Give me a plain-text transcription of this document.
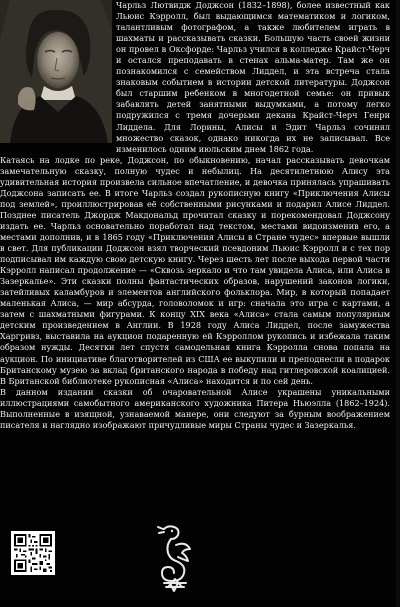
Чарльз Лютвидж Доджсон (1832–1898), более известный как Льюис Кэрролл, был выдающимся математиком и логиком, талантливым фотографом, а также любителем играть в шахматы и рассказывать сказки. Большую часть своей жизни он провел в Оксфорде: Чарльз учился в колледже Крайст-Черч и остался преподавать в стенах альма-матер. Там же он познакомился с семейством Лиддел, и эта встреча стала знаковым событием в истории детской литературы. Доджсон был старшим ребенком в многодетной семье: он привык забавлять детей занятными выдумками, а потому легко подружился с тремя дочерьми декана Крайст-Черч Генри Лиддела. Для Лорины, Алисы и Эдит Чарльз сочинял множество сказок, однако никогда их не записывал. Все изменилось одним июльским днем 1862 года.

Катаясь на лодке по реке, Доджсон, по обыкновению, начал рассказывать девочкам замечательную сказку, полную чудес и небылиц. На десятилетнюю Алису эта удивительная история произвела сильное впечатление, и девочка принялась упрашивать Доджсона записать ее. В итоге Чарльз создал рукописную книгу «Приключения Алисы под землей», проиллюстрировав её собственными рисунками и подарил Алисе Лиддел. Позднее писатель Джордж Макдональд прочитал сказку и порекомендовал Доджсону издать ее. Чарльз основательно поработал над текстом, местами видоизменив его, а местами дополнив, и в 1865 году «Приключения Алисы в Стране чудес» впервые вышли в свет. Для публикации Доджсон взял творческий псевдоним Льюис Кэрролл и с тех пор подписывал им каждую свою детскую книгу. Через шесть лет после выхода первой части Кэрролл написал продолжение — «Сквозь зеркало и что там увидела Алиса, или Алиса в Зазеркалье». Эти сказки полны фантастических образов, нарушений законов логики, затейливых каламбуров и элементов английского фольклора. Мир, в который попадает маленькая Алиса, — мир абсурда, головоломок и игр: сначала это игра с картами, а затем с шахматными фигурами. К концу XIX века «Алиса» стала самым популярным детским произведением в Англии. В 1928 году Алиса Лиддел, после замужества Харгривз, выставила на аукцион подаренную ей Кэрроллом рукопись и избежала таким образом нужды. Десятки лет спустя самодельная книга Кэрролла снова попала на аукцион. По инициативе благотворителей из США ее выкупили и преподнесли в подарок Британскому музею за вклад британского народа в победу над гитлеровской коалицией. В Британской библиотеке рукописная «Алиса» находится и по сей день.

В данном издании сказки об очаровательной Алисе украшены уникальными иллюстрациями самобытного американского художника Питера Ньюэлла (1862–1924). Выполненные в изящной, узнаваемой манере, они следуют за бурным воображением писателя и наглядно изображают причудливые миры Страны чудес и Зазеркалья.
